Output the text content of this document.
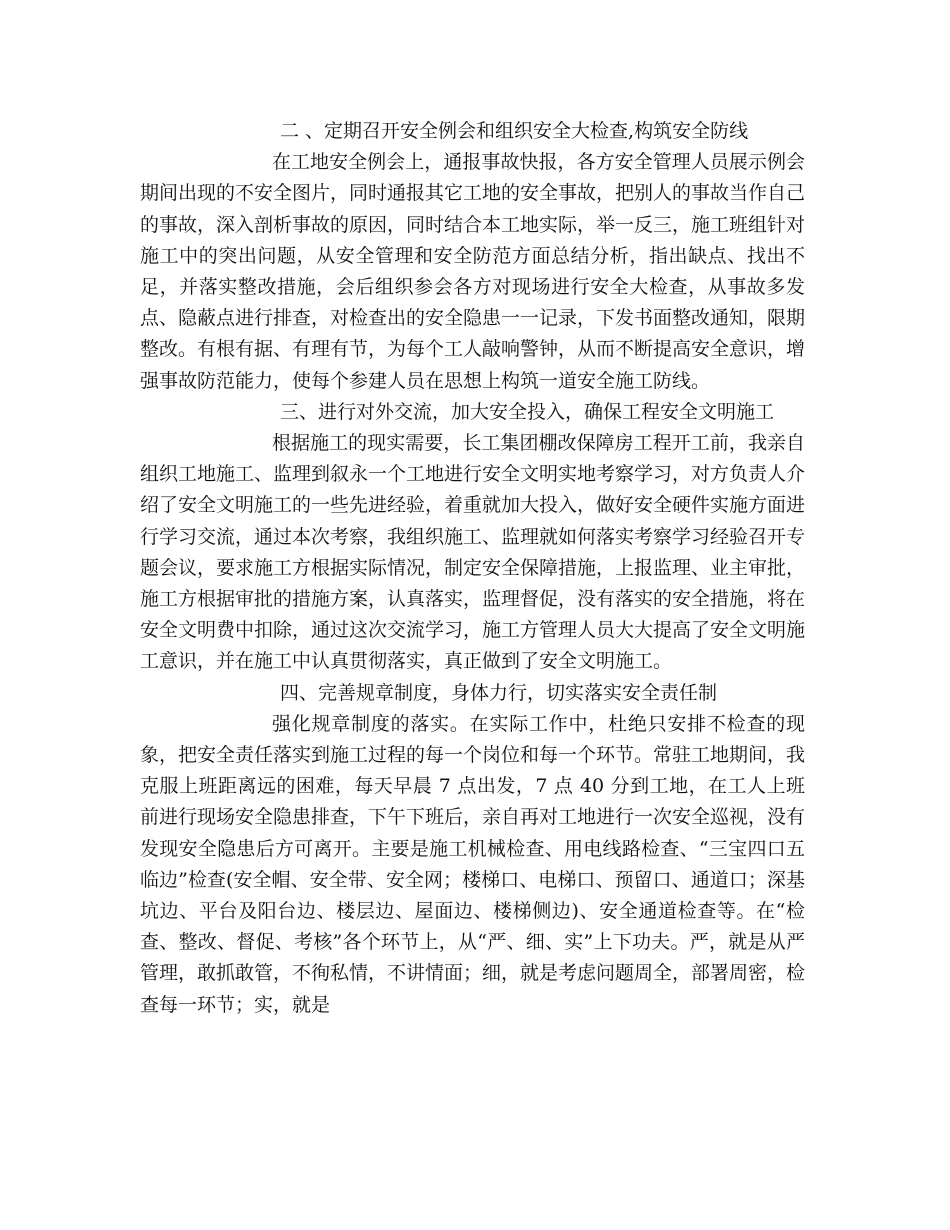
二 、定期召开安全例会和组织安全大检查,构筑安全防线

在工地安全例会上，通报事故快报，各方安全管理人员展示例会期间出现的不安全图片，同时通报其它工地的安全事故，把别人的事故当作自己的事故，深入剖析事故的原因，同时结合本工地实际，举一反三，施工班组针对施工中的突出问题，从安全管理和安全防范方面总结分析，指出缺点、找出不足，并落实整改措施，会后组织参会各方对现场进行安全大检查，从事故多发点、隐蔽点进行排查，对检查出的安全隐患一一记录，下发书面整改通知，限期整改。有根有据、有理有节，为每个工人敲响警钟，从而不断提高安全意识，增强事故防范能力，使每个参建人员在思想上构筑一道安全施工防线。

三、进行对外交流，加大安全投入，确保工程安全文明施工

根据施工的现实需要，长工集团棚改保障房工程开工前，我亲自组织工地施工、监理到叙永一个工地进行安全文明实地考察学习，对方负责人介绍了安全文明施工的一些先进经验，着重就加大投入，做好安全硬件实施方面进行学习交流，通过本次考察，我组织施工、监理就如何落实考察学习经验召开专题会议，要求施工方根据实际情况，制定安全保障措施，上报监理、业主审批，施工方根据审批的措施方案，认真落实，监理督促，没有落实的安全措施，将在安全文明费中扣除，通过这次交流学习，施工方管理人员大大提高了安全文明施工意识，并在施工中认真贯彻落实，真正做到了安全文明施工。

四、完善规章制度，身体力行，切实落实安全责任制

强化规章制度的落实。在实际工作中，杜绝只安排不检查的现象，把安全责任落实到施工过程的每一个岗位和每一个环节。常驻工地期间，我克服上班距离远的困难，每天早晨 7 点出发，7 点 40 分到工地，在工人上班前进行现场安全隐患排查，下午下班后，亲自再对工地进行一次安全巡视，没有发现安全隐患后方可离开。主要是施工机械检查、用电线路检查、“三宝四口五临边”检查(安全帽、安全带、安全网；楼梯口、电梯口、预留口、通道口；深基坑边、平台及阳台边、楼层边、屋面边、楼梯侧边)、安全通道检查等。在“检查、整改、督促、考核”各个环节上，从“严、细、实”上下功夫。严，就是从严管理，敢抓敢管，不徇私情，不讲情面；细，就是考虑问题周全，部署周密，检查每一环节；实，就是
